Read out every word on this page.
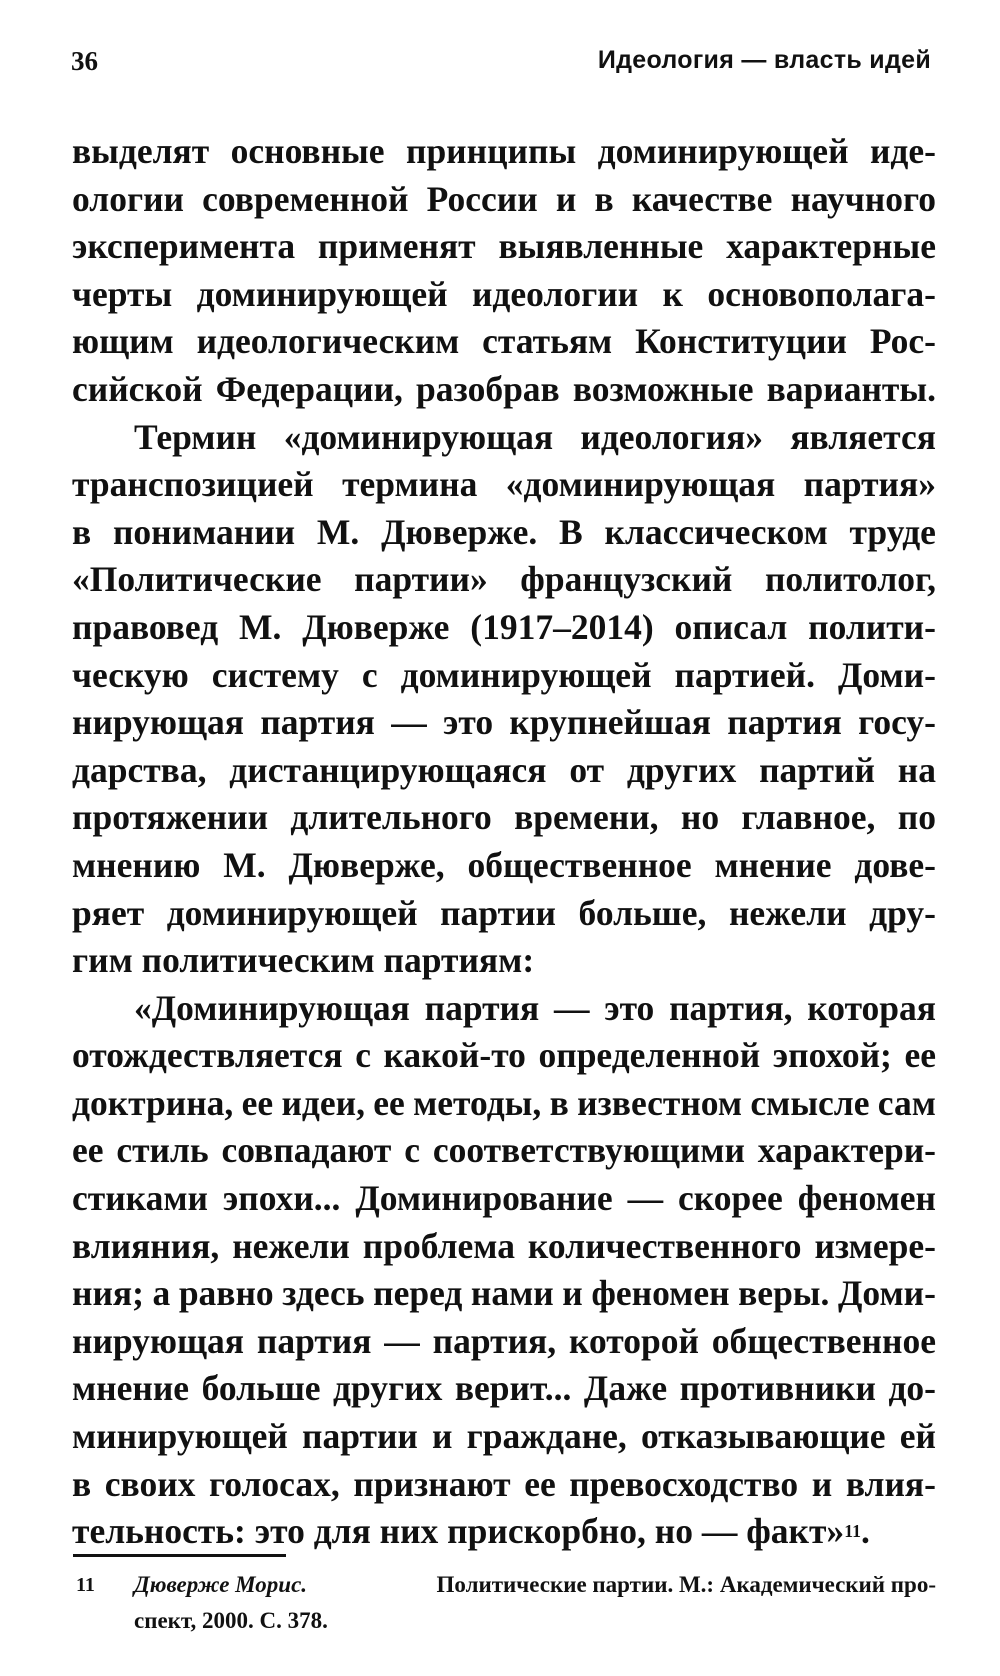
36	Идеология — власть идей
выделят основные принципы доминирующей иде-
ологии современной России и в качестве научного
эксперимента применят выявленные характерные
черты доминирующей идеологии к основополага-
ющим идеологическим статьям Конституции Рос-
сийской Федерации, разобрав возможные варианты.
Термин «доминирующая идеология» является
транспозицией термина «доминирующая партия»
в понимании М. Дюверже. В классическом труде
«Политические партии» французский политолог,
правовед М. Дюверже (1917–2014) описал полити-
ческую систему с доминирующей партией. Доми-
нирующая партия — это крупнейшая партия госу-
дарства, дистанцирующаяся от других партий на
протяжении длительного времени, но главное, по
мнению М. Дюверже, общественное мнение дове-
ряет доминирующей партии больше, нежели дру-
гим политическим партиям:
«Доминирующая партия — это партия, которая
отождествляется с какой-то определенной эпохой; ее
доктрина, ее идеи, ее методы, в известном смысле сам
ее стиль совпадают с соответствующими характери-
стиками эпохи... Доминирование — скорее феномен
влияния, нежели проблема количественного измере-
ния; а равно здесь перед нами и феномен веры. Доми-
нирующая партия — партия, которой общественное
мнение больше других верит... Даже противники до-
минирующей партии и граждане, отказывающие ей
в своих голосах, признают ее превосходство и влия-
тельность: это для них прискорбно, но — факт» 11 .
11 Дюверже Морис.	Политические партии. М.: Академический про-
спект, 2000. С. 378.
